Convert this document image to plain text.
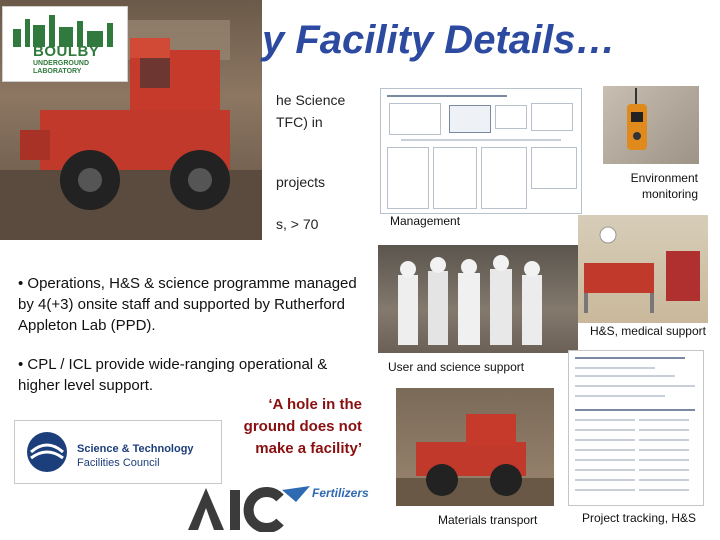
BOULBY
UNDERGROUND
LABORATORY
y Facility Details…
he Science
TFC) in
projects
s, > 70
• Operations, H&S & science programme managed by 4(+3) onsite staff and supported by Rutherford Appleton Lab (PPD).
• CPL / ICL provide wide-ranging operational & higher level support.
‘A hole in the
ground does not
make a facility’
Science & Technology
Facilities Council
Fertilizers
Environment monitoring
Management
H&S, medical support
User and science support
Materials transport	Project tracking, H&S
